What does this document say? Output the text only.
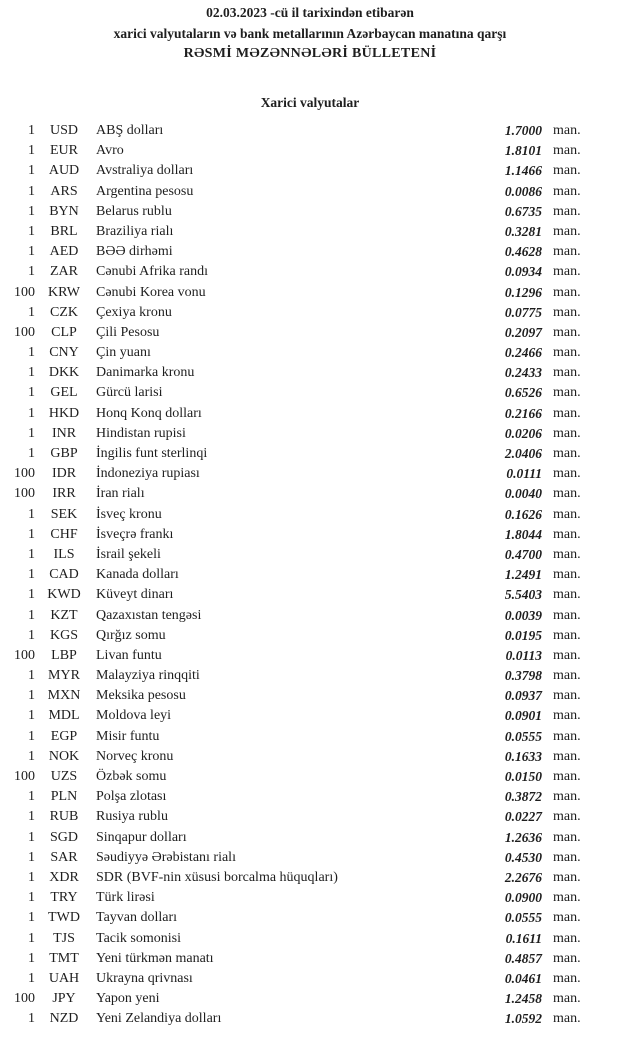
02.03.2023 -cü il tarixindən etibarən
xarici valyutaların və bank metallarının Azərbaycan manatına qarşı
RƏSMİ MƏZƏNNƏLƏRİ BÜLLETENİ
Xarici valyutalar
1	USD	ABŞ dolları	1.7000 man.
1	EUR	Avro	1.8101 man.
1 AUD	Avstraliya dolları	1.1466 man.
1	ARS	Argentina pesosu	0.0086 man.
1	BYN	Belarus rublu	0.6735 man.
1	BRL	Braziliya rialı	0.3281 man.
1	AED	BƏƏ dirhəmi	0.4628 man.
1	ZAR	Cənubi Afrika randı	0.0934 man.
100 KRW	Cənubi Korea vonu	0.1296 man.
1	CZK	Çexiya kronu	0.0775 man.
100	CLP	Çili Pesosu	0.2097 man.
1	CNY	Çin yuanı	0.2466 man.
1 DKK	Danimarka kronu	0.2433 man.
1	GEL	Gürcü larisi	0.6526 man.
1 HKD	Honq Konq dolları	0.2166 man.
1	INR	Hindistan rupisi	0.0206 man.
1	GBP	İngilis funt sterlinqi	2.0406 man.
100	IDR	İndoneziya rupiası	0.0111 man.
100	IRR	İran rialı	0.0040 man.
1	SEK	İsveç kronu	0.1626 man.
1	CHF	İsveçrə frankı	1.8044 man.
1	ILS	İsrail şekeli	0.4700 man.
1	CAD	Kanada dolları	1.2491 man.
1 KWD	Küveyt dinarı	5.5403 man.
1	KZT	Qazaxıstan tengəsi	0.0039 man.
1	KGS	Qırğız somu	0.0195 man.
100	LBP	Livan funtu	0.0113 man.
1 MYR	Malayziya rinqqiti	0.3798 man.
1 MXN	Meksika pesosu	0.0937 man.
1 MDL	Moldova leyi	0.0901 man.
1	EGP	Misir funtu	0.0555 man.
1 NOK	Norveç kronu	0.1633 man.
100	UZS	Özbək somu	0.0150 man.
1	PLN	Polşa zlotası	0.3872 man.
1	RUB	Rusiya rublu	0.0227 man.
1	SGD	Sinqapur dolları	1.2636 man.
1	SAR	Səudiyyə Ərəbistanı rialı	0.4530 man.
1	XDR	SDR (BVF-nin xüsusi borcalma hüquqları)	2.2676 man.
1	TRY	Türk lirəsi	0.0900 man.
1 TWD	Tayvan dolları	0.0555 man.
1	TJS	Tacik somonisi	0.1611 man.
1	TMT	Yeni türkmən manatı	0.4857 man.
1 UAH	Ukrayna qrivnası	0.0461 man.
100	JPY	Yapon yeni	1.2458 man.
1	NZD	Yeni Zelandiya dolları	1.0592 man.
